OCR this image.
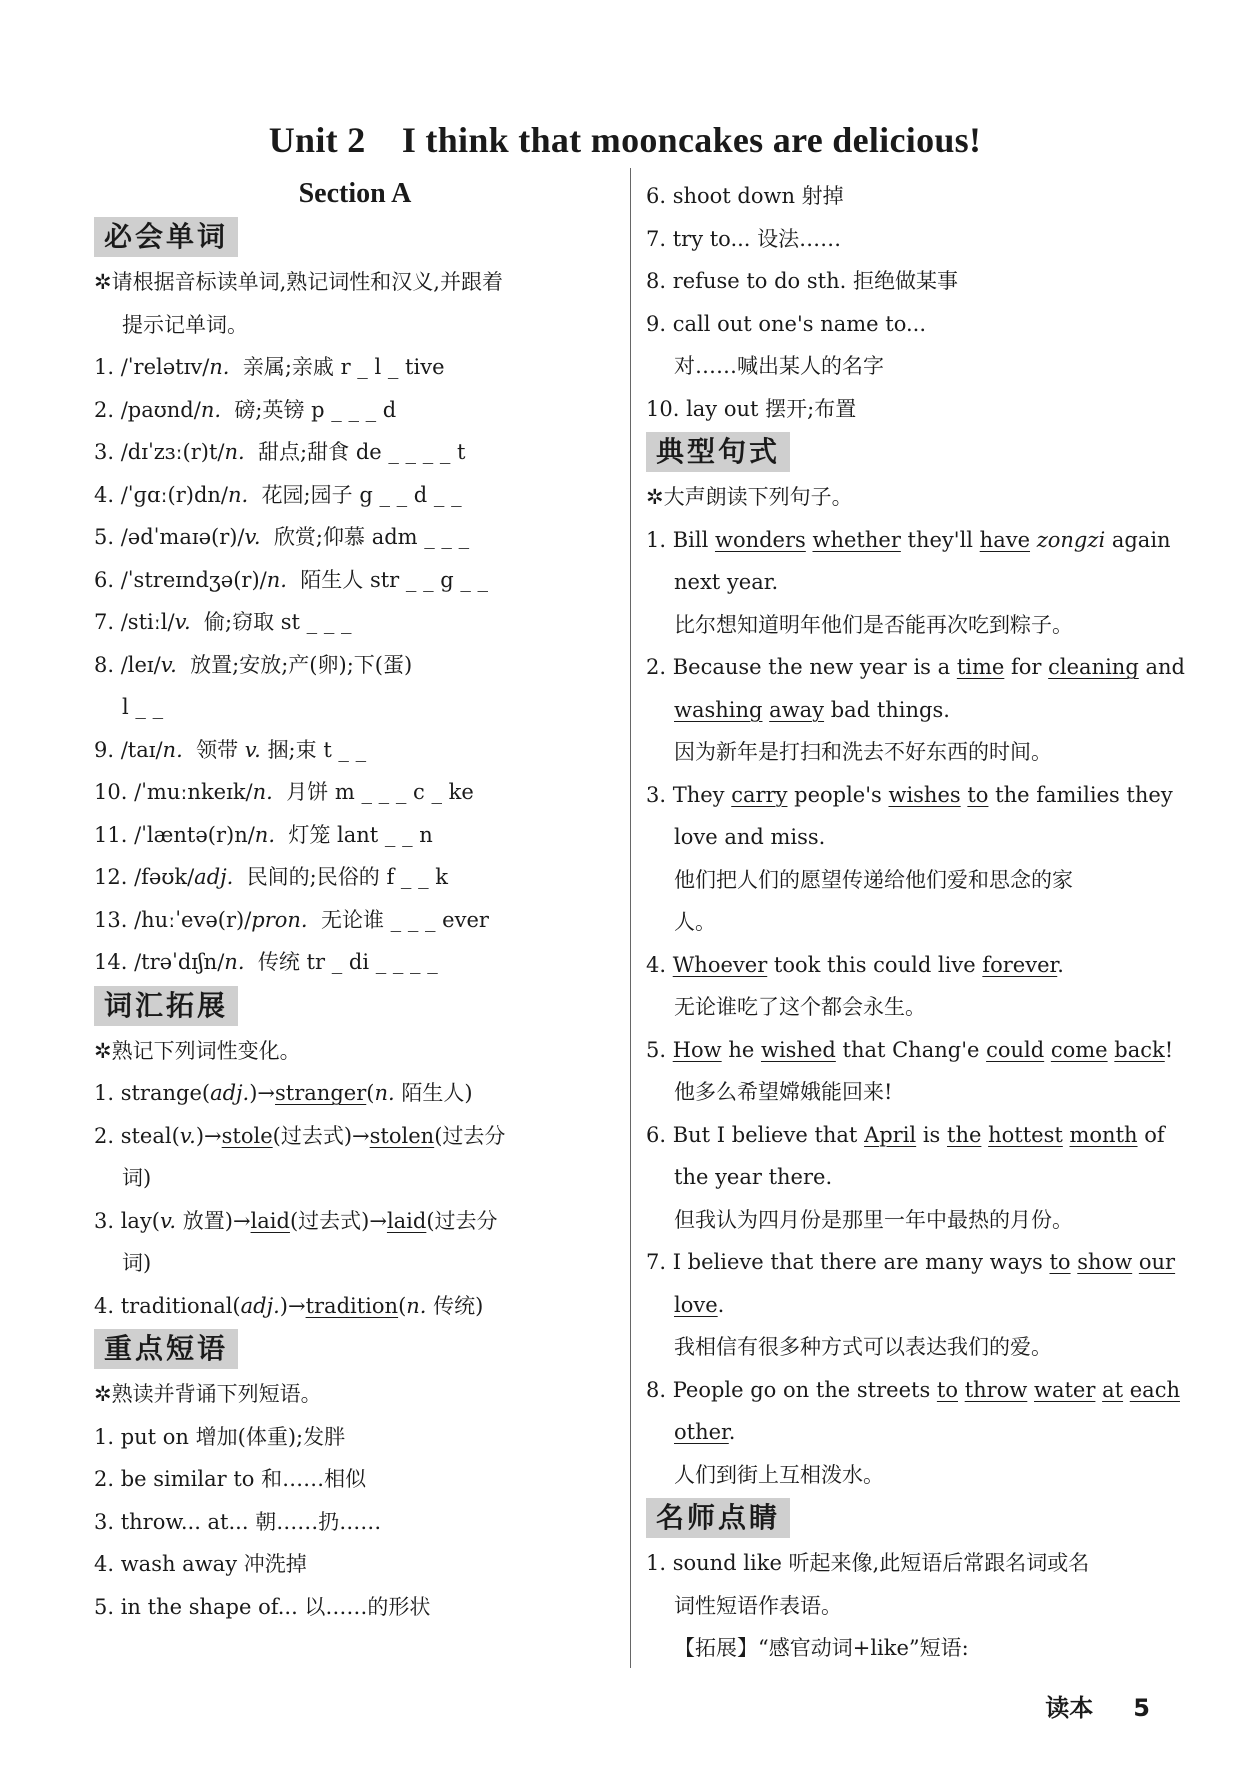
Unit 2　I think that mooncakes are delicious!
Section A
必会单词
✲请根据音标读单词,熟记词性和汉义,并跟着
提示记单词。
1. /ˈrelətɪv/n. 亲属;亲戚 r _ l _ tive
2. /paʊnd/n. 磅;英镑 p _ _ _ d
3. /dɪˈzɜː(r)t/n. 甜点;甜食 de _ _ _ _ t
4. /ˈɡɑː(r)dn/n. 花园;园子 g _ _ d _ _
5. /ədˈmaɪə(r)/v. 欣赏;仰慕 adm _ _ _
6. /ˈstreɪndʒə(r)/n. 陌生人 str _ _ g _ _
7. /stiːl/v. 偷;窃取 st _ _ _
8. /leɪ/v. 放置;安放;产(卵);下(蛋)
l _ _
9. /taɪ/n. 领带 v. 捆;束 t _ _
10. /ˈmuːnkeɪk/n. 月饼 m _ _ _ c _ ke
11. /ˈlæntə(r)n/n. 灯笼 lant _ _ n
12. /fəʊk/adj. 民间的;民俗的 f _ _ k
13. /huːˈevə(r)/pron. 无论谁 _ _ _ ever
14. /trəˈdɪʃn/n. 传统 tr _ di _ _ _ _
词汇拓展
✲熟记下列词性变化。
1. strange(adj.)→stranger(n. 陌生人)
2. steal(v.)→stole(过去式)→stolen(过去分
词)
3. lay(v. 放置)→laid(过去式)→laid(过去分
词)
4. traditional(adj.)→tradition(n. 传统)
重点短语
✲熟读并背诵下列短语。
1. put on 增加(体重);发胖
2. be similar to 和……相似
3. throw... at... 朝……扔……
4. wash away 冲洗掉
5. in the shape of... 以……的形状
6. shoot down 射掉
7. try to... 设法……
8. refuse to do sth. 拒绝做某事
9. call out one's name to...
对……喊出某人的名字
10. lay out 摆开;布置
典型句式
✲大声朗读下列句子。
1. Bill wonders whether they'll have zongzi again
next year.
比尔想知道明年他们是否能再次吃到粽子。
2. Because the new year is a time for cleaning and
washing away bad things.
因为新年是打扫和洗去不好东西的时间。
3. They carry people's wishes to the families they
love and miss.
他们把人们的愿望传递给他们爱和思念的家
人。
4. Whoever took this could live forever.
无论谁吃了这个都会永生。
5. How he wished that Chang'e could come back!
他多么希望嫦娥能回来!
6. But I believe that April is the hottest month of
the year there.
但我认为四月份是那里一年中最热的月份。
7. I believe that there are many ways to show our
love.
我相信有很多种方式可以表达我们的爱。
8. People go on the streets to throw water at each
other.
人们到街上互相泼水。
名师点睛
1. sound like 听起来像,此短语后常跟名词或名
词性短语作表语。
【拓展】“感官动词+like”短语:
读本 5
